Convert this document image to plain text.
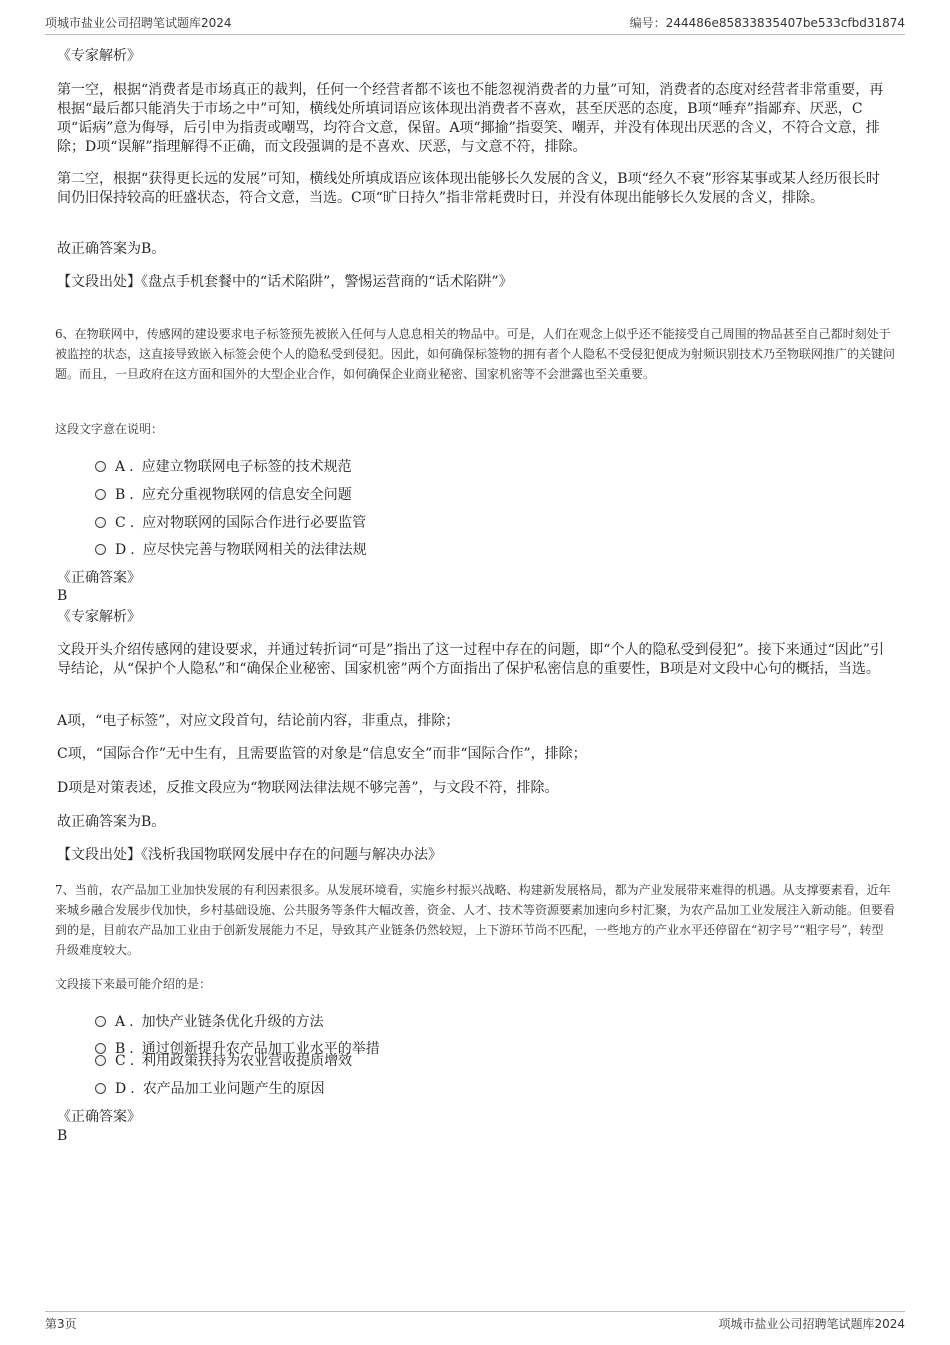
项城市盐业公司招聘笔试题库2024	编号：244486e85833835407be533cfbd31874
《专家解析》
第一空，根据“消费者是市场真正的裁判，任何一个经营者都不该也不能忽视消费者的力量”可知，消费者的态度对经营者非常重要，再根据“最后都只能消失于市场之中”可知，横线处所填词语应该体现出消费者不喜欢，甚至厌恶的态度，B项“唾弃”指鄙弃、厌恶，C项“诟病”意为侮辱，后引申为指责或嘲骂，均符合文意，保留。A项“揶揄”指耍笑、嘲弄，并没有体现出厌恶的含义，不符合文意，排除；D项“误解”指理解得不正确，而文段强调的是不喜欢、厌恶，与文意不符，排除。
第二空，根据“获得更长远的发展”可知，横线处所填成语应该体现出能够长久发展的含义，B项“经久不衰”形容某事或某人经历很长时间仍旧保持较高的旺盛状态，符合文意，当选。C项“旷日持久”指非常耗费时日，并没有体现出能够长久发展的含义，排除。
故正确答案为B。
【文段出处】《盘点手机套餐中的“话术陷阱”，警惕运营商的“话术陷阱”》
6、在物联网中，传感网的建设要求电子标签预先被嵌入任何与人息息相关的物品中。可是，人们在观念上似乎还不能接受自己周围的物品甚至自己都时刻处于被监控的状态，这直接导致嵌入标签会使个人的隐私受到侵犯。因此，如何确保标签物的拥有者个人隐私不受侵犯便成为射频识别技术乃至物联网推广的关键问题。而且，一旦政府在这方面和国外的大型企业合作，如何确保企业商业秘密、国家机密等不会泄露也至关重要。
这段文字意在说明：
A . 应建立物联网电子标签的技术规范
B . 应充分重视物联网的信息安全问题
C . 应对物联网的国际合作进行必要监管
D . 应尽快完善与物联网相关的法律法规
《正确答案》
B
《专家解析》
文段开头介绍传感网的建设要求，并通过转折词“可是”指出了这一过程中存在的问题，即“个人的隐私受到侵犯”。接下来通过“因此”引导结论，从“保护个人隐私”和“确保企业秘密、国家机密”两个方面指出了保护私密信息的重要性，B项是对文段中心句的概括，当选。
A项，“电子标签”，对应文段首句，结论前内容，非重点，排除；
C项，“国际合作”无中生有，且需要监管的对象是“信息安全”而非“国际合作”，排除；
D项是对策表述，反推文段应为“物联网法律法规不够完善”，与文段不符，排除。
故正确答案为B。
【文段出处】《浅析我国物联网发展中存在的问题与解决办法》
7、当前，农产品加工业加快发展的有利因素很多。从发展环境看，实施乡村振兴战略、构建新发展格局，都为产业发展带来难得的机遇。从支撑要素看，近年来城乡融合发展步伐加快，乡村基础设施、公共服务等条件大幅改善，资金、人才、技术等资源要素加速向乡村汇聚，为农产品加工业发展注入新动能。但要看到的是，目前农产品加工业由于创新发展能力不足，导致其产业链条仍然较短，上下游环节尚不匹配，一些地方的产业水平还停留在“初字号”“粗字号”，转型升级难度较大。
文段接下来最可能介绍的是：
A . 加快产业链条优化升级的方法
B . 通过创新提升农产品加工业水平的举措
C . 利用政策扶持为农业营收提质增效
D . 农产品加工业问题产生的原因
《正确答案》
B
第3页	项城市盐业公司招聘笔试题库2024
